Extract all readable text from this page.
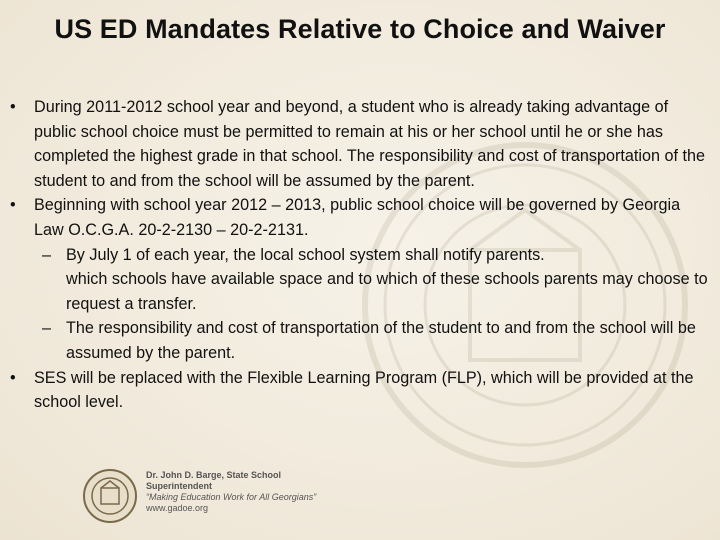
US ED Mandates Relative to Choice and Waiver

• During 2011-2012 school year and beyond, a student who is already taking advantage of public school choice must be permitted to remain at his or her school until he or she has completed the highest grade in that school. The responsibility and cost of transportation of the student to and from the school will be assumed by the parent.

• Beginning with school year 2012 – 2013, public school choice will be governed by Georgia Law O.C.G.A. 20-2-2130 – 20-2-2131.

– By July 1 of each year, the local school system shall notify parents.

which schools have available space and to which of these schools parents may choose to request a transfer.

– The responsibility and cost of transportation of the student to and from the school will be assumed by the parent.

• SES will be replaced with the Flexible Learning Program (FLP), which will be provided at the school level.

Dr. John D. Barge, State School Superintendent
“Making Education Work for All Georgians”
www.gadoe.org
